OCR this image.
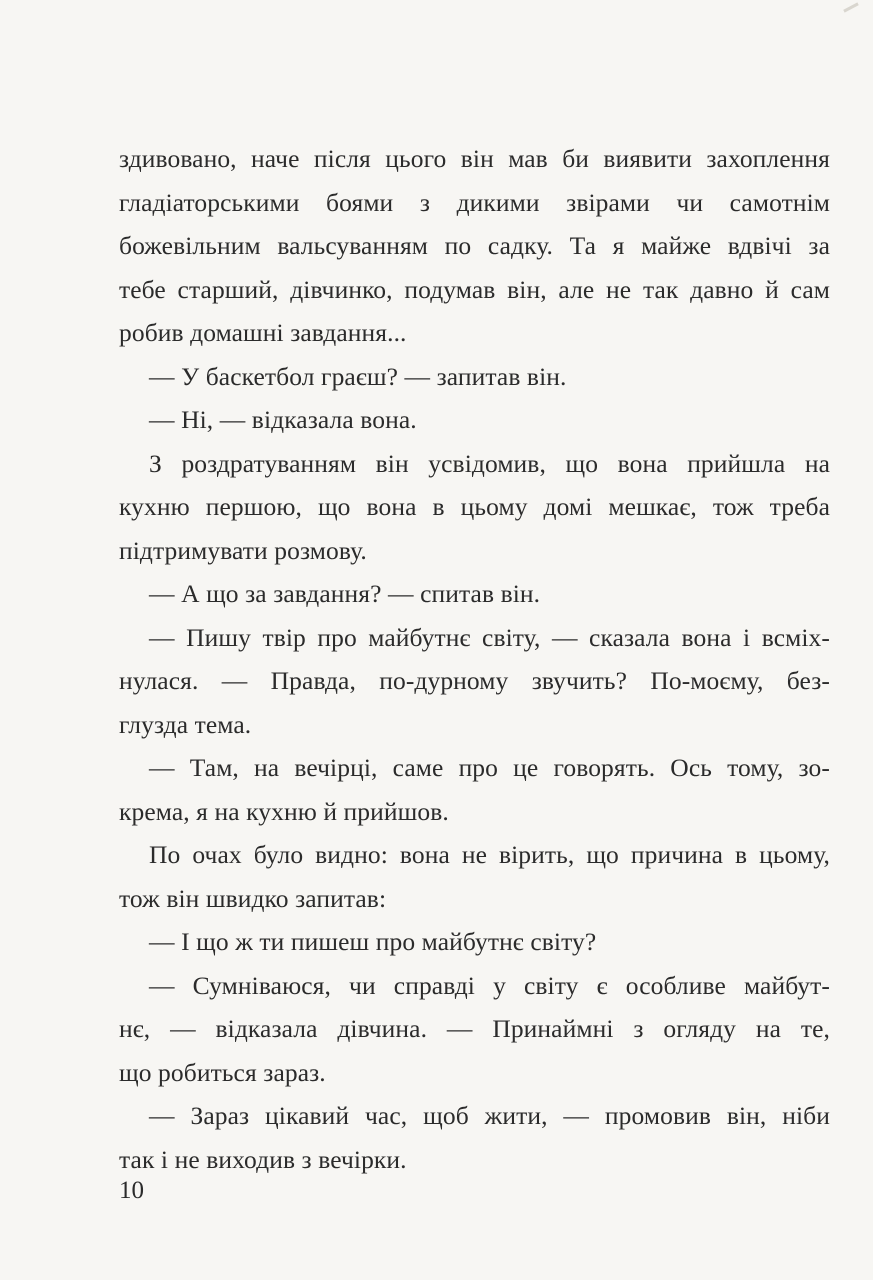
здивовано, наче після цього він мав би виявити захоплення
гладіаторськими боями з дикими звірами чи самотнім
божевільним вальсуванням по садку. Та я майже вдвічі за
тебе старший, дівчинко, подумав він, але не так давно й сам
робив домашні завдання...
— У баскетбол граєш? — запитав він.
— Ні, — відказала вона.
З роздратуванням він усвідомив, що вона прийшла на
кухню першою, що вона в цьому домі мешкає, тож треба
підтримувати розмову.
— А що за завдання? — спитав він.
— Пишу твір про майбутнє світу, — сказала вона і всміх-
нулася. — Правда, по-дурному звучить? По-моєму, без-
глузда тема.
— Там, на вечірці, саме про це говорять. Ось тому, зо-
крема, я на кухню й прийшов.
По очах було видно: вона не вірить, що причина в цьому,
тож він швидко запитав:
— І що ж ти пишеш про майбутнє світу?
— Сумніваюся, чи справді у світу є особливе майбут-
нє, — відказала дівчина. — Принаймні з огляду на те,
що робиться зараз.
— Зараз цікавий час, щоб жити, — промовив він, ніби
так і не виходив з вечірки.
10
